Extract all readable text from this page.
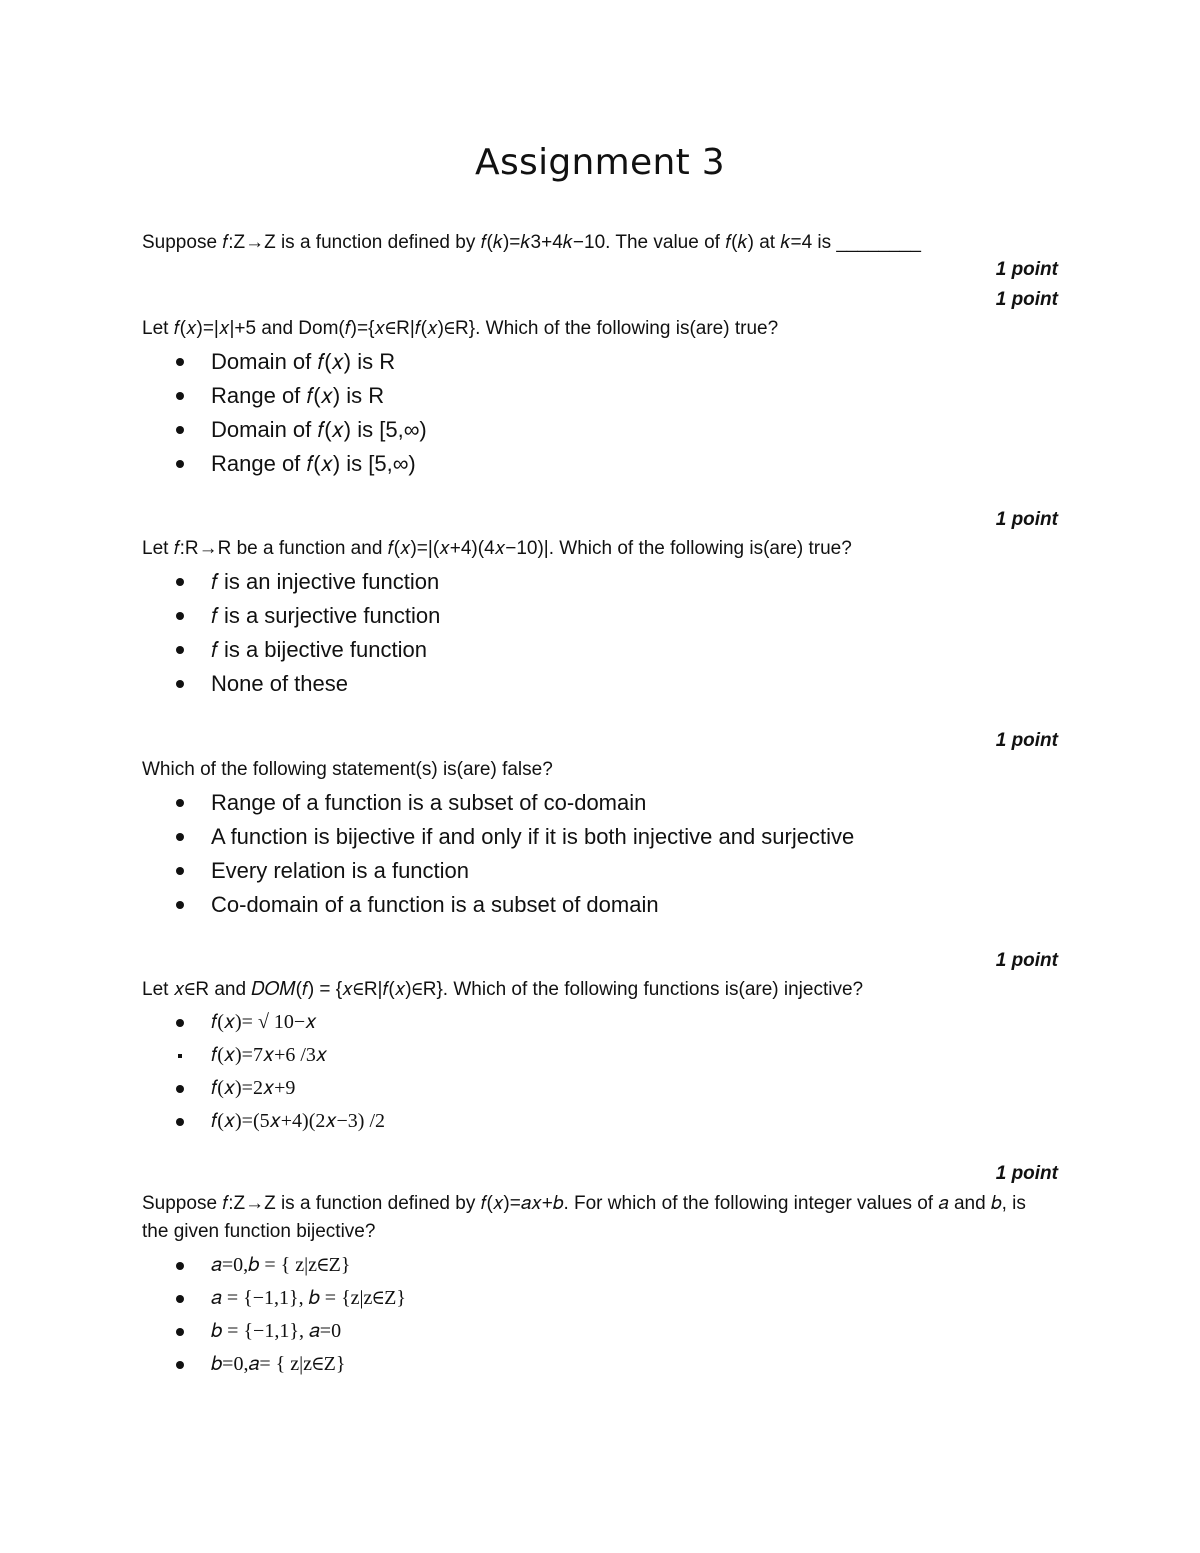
Assignment 3
Suppose 𝑓:Z→Z is a function defined by 𝑓(𝑘)=𝑘3+4𝑘−10. The value of 𝑓(𝑘) at 𝑘=4 is ________
1 point
1 point
Let 𝑓(𝑥)=|𝑥|+5 and Dom(𝑓)={𝑥∈R|𝑓(𝑥)∈R}. Which of the following is(are) true?
Domain of 𝑓(𝑥) is R
Range of 𝑓(𝑥) is R
Domain of 𝑓(𝑥) is [5,∞)
Range of 𝑓(𝑥) is [5,∞)
1 point
Let 𝑓:R→R be a function and 𝑓(𝑥)=|(𝑥+4)(4𝑥−10)|. Which of the following is(are) true?
𝑓 is an injective function
𝑓 is a surjective function
𝑓 is a bijective function
None of these
1 point
Which of the following statement(s) is(are) false?
Range of a function is a subset of co-domain
A function is bijective if and only if it is both injective and surjective
Every relation is a function
Co-domain of a function is a subset of domain
1 point
Let 𝑥∈R and 𝐷𝑂𝑀(𝑓) = {𝑥∈R|𝑓(𝑥)∈R}. Which of the following functions is(are) injective?
𝑓(𝑥)= √ 10−𝑥
𝑓(𝑥)=7𝑥+6 /3𝑥
𝑓(𝑥)=2𝑥+9
𝑓(𝑥)=(5𝑥+4)(2𝑥−3) /2
1 point
Suppose 𝑓:Z→Z is a function defined by 𝑓(𝑥)=𝑎𝑥+𝑏. For which of the following integer values of 𝑎 and 𝑏, is the given function bijective?
𝑎=0,𝑏 = { z|z∈Z}
𝑎 = {−1,1}, 𝑏 = {z|z∈Z}
𝑏 = {−1,1}, 𝑎=0
𝑏=0,𝑎= { z|z∈Z}
